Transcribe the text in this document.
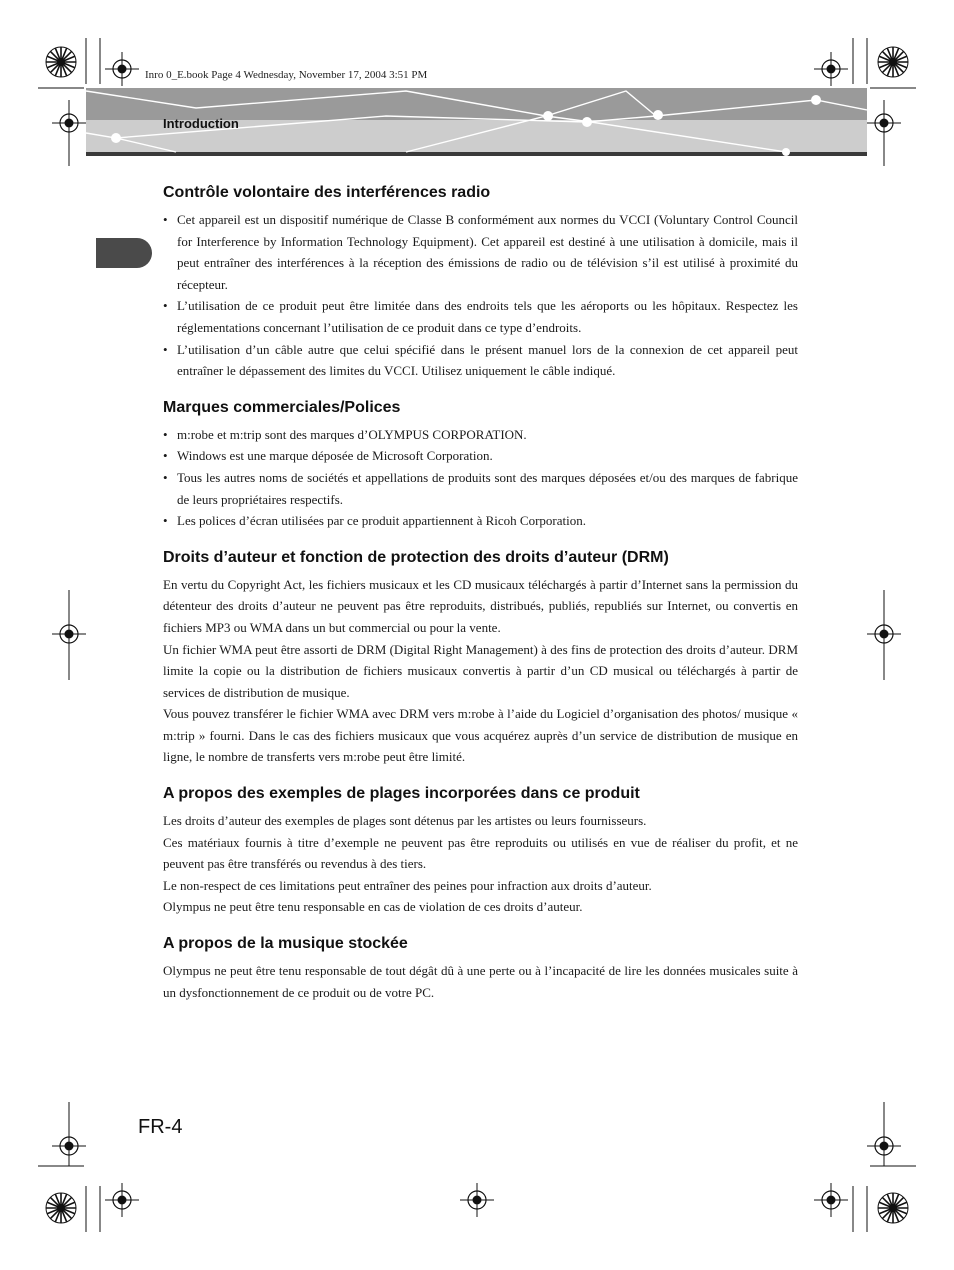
Inro 0_E.book Page 4 Wednesday, November 17, 2004 3:51 PM
Introduction
Contrôle volontaire des interférences radio
• Cet appareil est un dispositif numérique de Classe B conformément aux normes du VCCI (Voluntary Control Council for Interference by Information Technology Equipment). Cet appareil est destiné à une utilisation à domicile, mais il peut entraîner des interférences à la réception des émissions de radio ou de télévision s’il est utilisé à proximité du récepteur.
• L’utilisation de ce produit peut être limitée dans des endroits tels que les aéroports ou les hôpitaux. Respectez les réglementations concernant l’utilisation de ce produit dans ce type d’endroits.
• L’utilisation d’un câble autre que celui spécifié dans le présent manuel lors de la connexion de cet appareil peut entraîner le dépassement des limites du VCCI. Utilisez uniquement le câble indiqué.
Marques commerciales/Polices
• m:robe et m:trip sont des marques d’OLYMPUS CORPORATION.
• Windows est une marque déposée de Microsoft Corporation.
• Tous les autres noms de sociétés et appellations de produits sont des marques déposées et/ou des marques de fabrique de leurs propriétaires respectifs.
• Les polices d’écran utilisées par ce produit appartiennent à Ricoh Corporation.
Droits d’auteur et fonction de protection des droits d’auteur (DRM)

En vertu du Copyright Act, les fichiers musicaux et les CD musicaux téléchargés à partir d’Internet sans la permission du détenteur des droits d’auteur ne peuvent pas être reproduits, distribués, publiés, republiés sur Internet, ou convertis en fichiers MP3 ou WMA dans un but commercial ou pour la vente.

Un fichier WMA peut être assorti de DRM (Digital Right Management) à des fins de protection des droits d’auteur. DRM limite la copie ou la distribution de fichiers musicaux convertis à partir d’un CD musical ou téléchargés à partir de services de distribution de musique.

Vous pouvez transférer le fichier WMA avec DRM vers m:robe à l’aide du Logiciel d’organisation des photos/ musique « m:trip » fourni. Dans le cas des fichiers musicaux que vous acquérez auprès d’un service de distribution de musique en ligne, le nombre de transferts vers m:robe peut être limité.

A propos des exemples de plages incorporées dans ce produit

Les droits d’auteur des exemples de plages sont détenus par les artistes ou leurs fournisseurs.

Ces matériaux fournis à titre d’exemple ne peuvent pas être reproduits ou utilisés en vue de réaliser du profit, et ne peuvent pas être transférés ou revendus à des tiers.

Le non-respect de ces limitations peut entraîner des peines pour infraction aux droits d’auteur.

Olympus ne peut être tenu responsable en cas de violation de ces droits d’auteur.

A propos de la musique stockée

Olympus ne peut être tenu responsable de tout dégât dû à une perte ou à l’incapacité de lire les données musicales suite à un dysfonctionnement de ce produit ou de votre PC.

FR-4
